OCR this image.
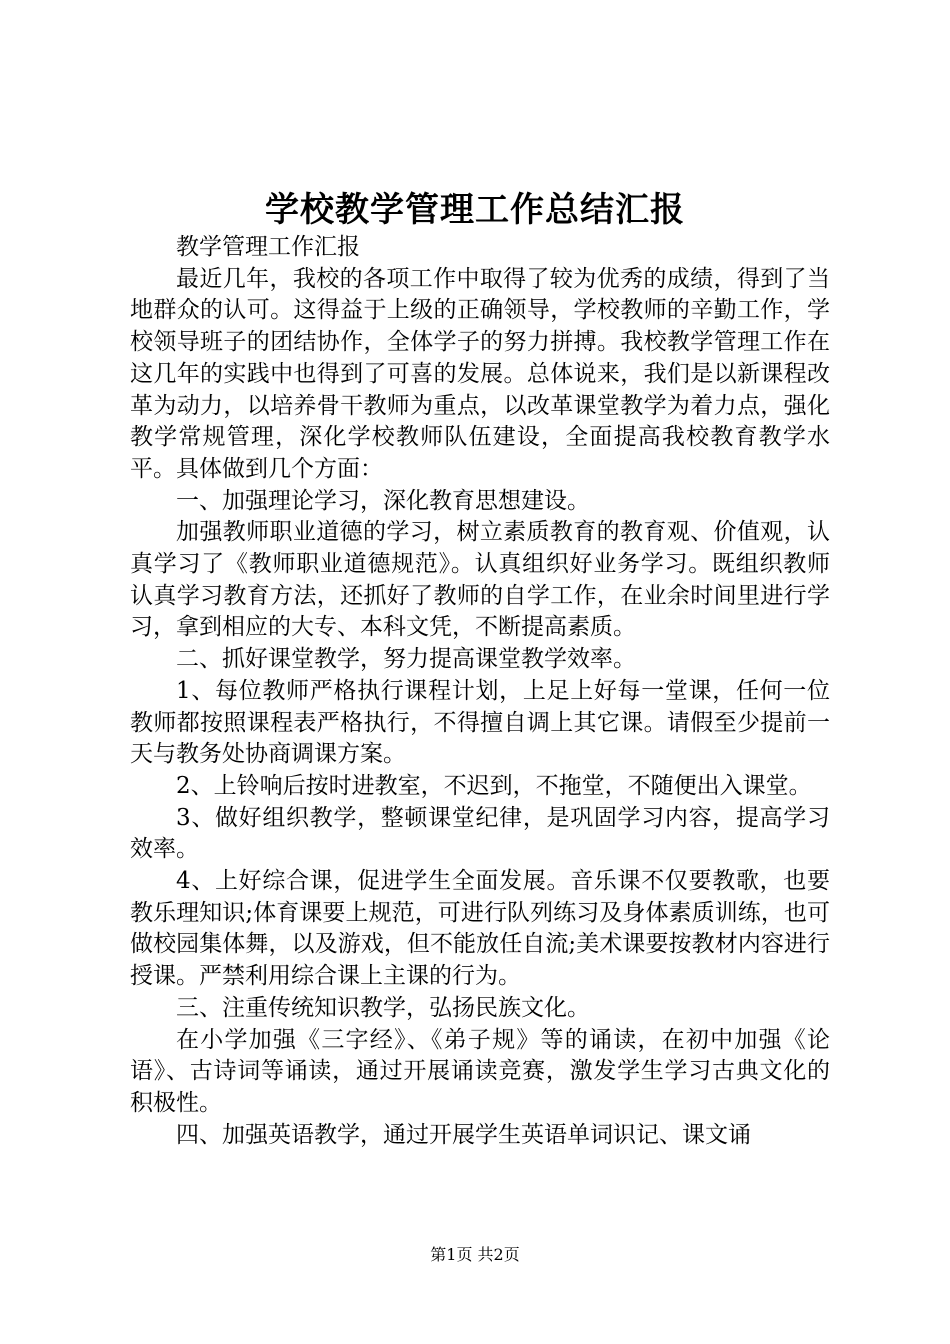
学校教学管理工作总结汇报

教学管理工作汇报

最近几年，我校的各项工作中取得了较为优秀的成绩，得到了当地群众的认可。这得益于上级的正确领导，学校教师的辛勤工作，学校领导班子的团结协作，全体学子的努力拼搏。我校教学管理工作在这几年的实践中也得到了可喜的发展。总体说来，我们是以新课程改革为动力，以培养骨干教师为重点，以改革课堂教学为着力点，强化教学常规管理，深化学校教师队伍建设，全面提高我校教育教学水平。具体做到几个方面：

一、加强理论学习，深化教育思想建设。

加强教师职业道德的学习，树立素质教育的教育观、价值观，认真学习了《教师职业道德规范》。认真组织好业务学习。既组织教师认真学习教育方法，还抓好了教师的自学工作，在业余时间里进行学习，拿到相应的大专、本科文凭，不断提高素质。

二、抓好课堂教学，努力提高课堂教学效率。

1、每位教师严格执行课程计划，上足上好每一堂课，任何一位教师都按照课程表严格执行，不得擅自调上其它课。请假至少提前一天与教务处协商调课方案。

2、上铃响后按时进教室，不迟到，不拖堂，不随便出入课堂。

3、做好组织教学，整顿课堂纪律，是巩固学习内容，提高学习效率。

4、上好综合课，促进学生全面发展。音乐课不仅要教歌，也要教乐理知识;体育课要上规范，可进行队列练习及身体素质训练，也可做校园集体舞，以及游戏，但不能放任自流;美术课要按教材内容进行授课。严禁利用综合课上主课的行为。

三、注重传统知识教学，弘扬民族文化。

在小学加强《三字经》、《弟子规》等的诵读，在初中加强《论语》、古诗词等诵读，通过开展诵读竞赛，激发学生学习古典文化的积极性。

四、加强英语教学，通过开展学生英语单词识记、课文诵

第1页 共2页
